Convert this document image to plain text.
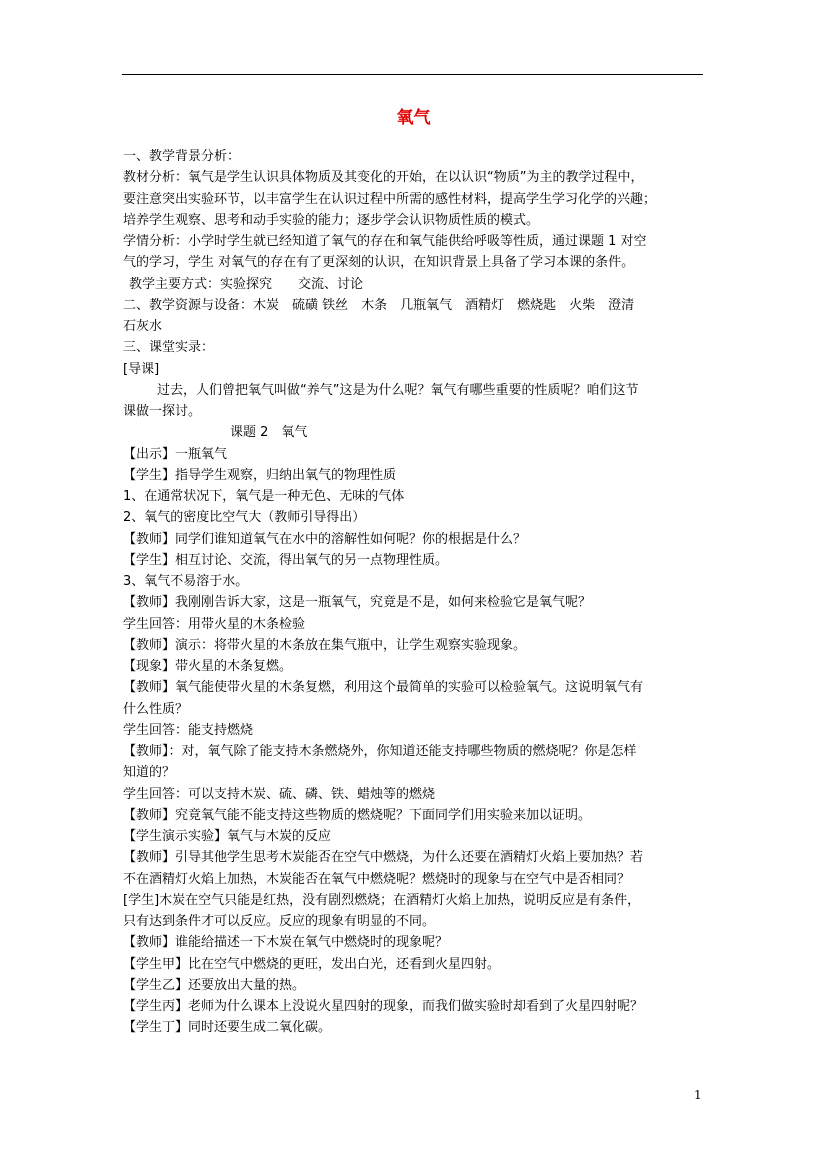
氧气

一、教学背景分析：

教材分析：氧气是学生认识具体物质及其变化的开始，在以认识“物质”为主的教学过程中，

要注意突出实验环节，以丰富学生在认识过程中所需的感性材料，提高学生学习化学的兴趣；

培养学生观察、思考和动手实验的能力；逐步学会认识物质性质的模式。

学情分析：小学时学生就已经知道了氧气的存在和氧气能供给呼吸等性质，通过课题 1 对空

气的学习，学生 对氧气的存在有了更深刻的认识，在知识背景上具备了学习本课的条件。

教学主要方式：实验探究　　交流、讨论

二、教学资源与设备：木炭　硫磺 铁丝　木条　几瓶氧气　酒精灯　燃烧匙　火柴　澄清

石灰水

三、课堂实录：

[导课]

过去，人们曾把氧气叫做“养气”这是为什么呢？氧气有哪些重要的性质呢？咱们这节

课做一探讨。

课题 2　氧气

【出示】一瓶氧气

【学生】指导学生观察，归纳出氧气的物理性质

1、在通常状况下，氧气是一种无色、无味的气体

2、氧气的密度比空气大（教师引导得出）

【教师】同学们谁知道氧气在水中的溶解性如何呢？你的根据是什么？

【学生】相互讨论、交流，得出氧气的另一点物理性质。

3、氧气不易溶于水。

【教师】我刚刚告诉大家，这是一瓶氧气，究竟是不是，如何来检验它是氧气呢？

学生回答：用带火星的木条检验

【教师】演示：将带火星的木条放在集气瓶中，让学生观察实验现象。

【现象】带火星的木条复燃。

【教师】氧气能使带火星的木条复燃，利用这个最简单的实验可以检验氧气。这说明氧气有

什么性质？

学生回答：能支持燃烧

【教师】：对，氧气除了能支持木条燃烧外，你知道还能支持哪些物质的燃烧呢？你是怎样

知道的？

学生回答：可以支持木炭、硫、磷、铁、蜡烛等的燃烧

【教师】究竟氧气能不能支持这些物质的燃烧呢？下面同学们用实验来加以证明。

【学生演示实验】氧气与木炭的反应

【教师】引导其他学生思考木炭能否在空气中燃烧，为什么还要在酒精灯火焰上要加热？若

不在酒精灯火焰上加热，木炭能否在氧气中燃烧呢？燃烧时的现象与在空气中是否相同？

[学生]木炭在空气只能是红热，没有剧烈燃烧；在酒精灯火焰上加热，说明反应是有条件，

只有达到条件才可以反应。反应的现象有明显的不同。

【教师】谁能给描述一下木炭在氧气中燃烧时的现象呢？

【学生甲】比在空气中燃烧的更旺，发出白光，还看到火星四射。

【学生乙】还要放出大量的热。

【学生丙】老师为什么课本上没说火星四射的现象，而我们做实验时却看到了火星四射呢？

【学生丁】同时还要生成二氧化碳。

1
